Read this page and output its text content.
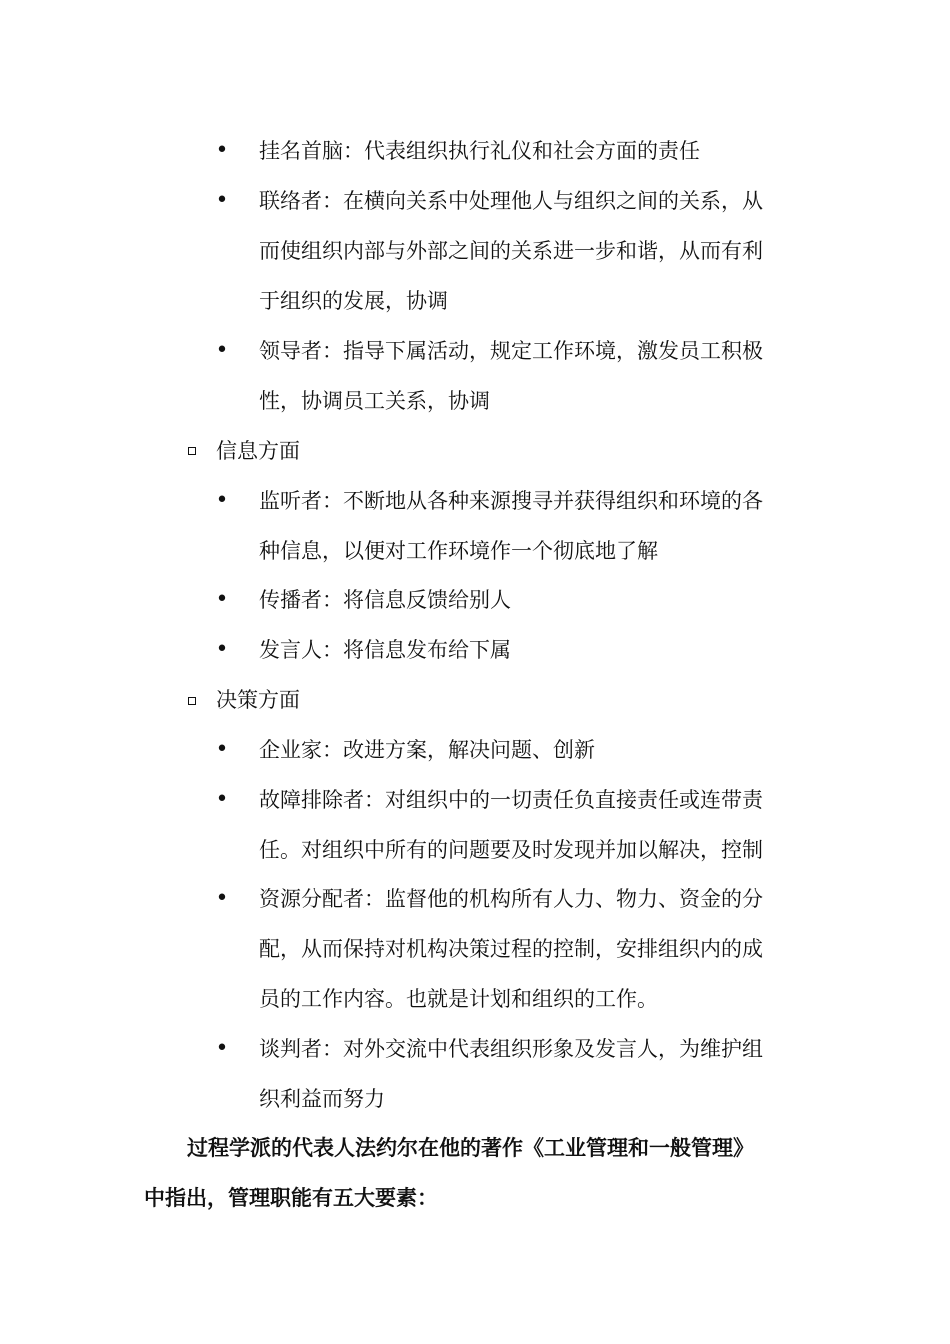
• 挂名首脑：代表组织执行礼仪和社会方面的责任
• 联络者：在横向关系中处理他人与组织之间的关系，从
而使组织内部与外部之间的关系进一步和谐，从而有利
于组织的发展，协调
• 领导者：指导下属活动，规定工作环境，激发员工积极
性，协调员工关系，协调
信息方面
• 监听者：不断地从各种来源搜寻并获得组织和环境的各
种信息，以便对工作环境作一个彻底地了解
• 传播者：将信息反馈给别人
• 发言人：将信息发布给下属
决策方面
• 企业家：改进方案，解决问题、创新
• 故障排除者：对组织中的一切责任负直接责任或连带责
任。对组织中所有的问题要及时发现并加以解决，控制
• 资源分配者：监督他的机构所有人力、物力、资金的分
配，从而保持对机构决策过程的控制，安排组织内的成
员的工作内容。也就是计划和组织的工作。
• 谈判者：对外交流中代表组织形象及发言人，为维护组
织利益而努力
过程学派的代表人法约尔在他的著作《工业管理和一般管理》
中指出，管理职能有五大要素：
